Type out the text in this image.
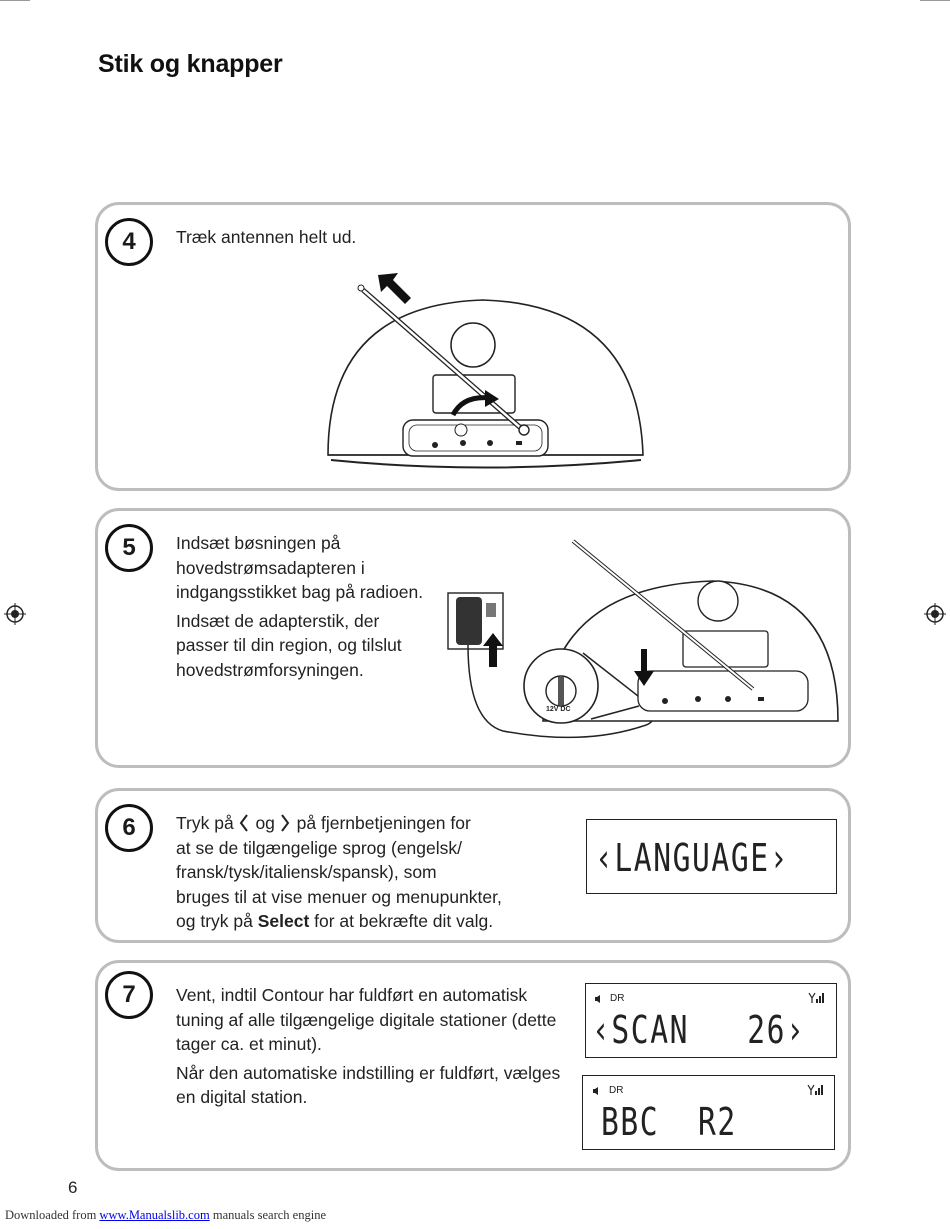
Stik og knapper
4	Træk antennen helt ud.

5	Indsæt bøsningen på hovedstrømsadapteren i indgangsstikket bag på radioen.

Indsæt de adapterstik, der passer til din region, og tilslut hovedstrømforsyningen.

12V DC
6	Tryk på og på fjernbetjeningen for

at se de tilgængelige sprog (engelsk/

fransk/tysk/italiensk/spansk), som

bruges til at vise menuer og menupunkter,

og tryk på Select for at bekræfte dit valg.

‹LANGUAGE›
7	Vent, indtil Contour har fuldført en automatisk tuning af alle tilgængelige digitale stationer (dette tager ca. et minut).

Når den automatiske indstilling er fuldført, vælges en digital station.

DR
‹SCAN   26›
DR
BBC  R2
6
Downloaded from www.Manualslib.com manuals search engine
